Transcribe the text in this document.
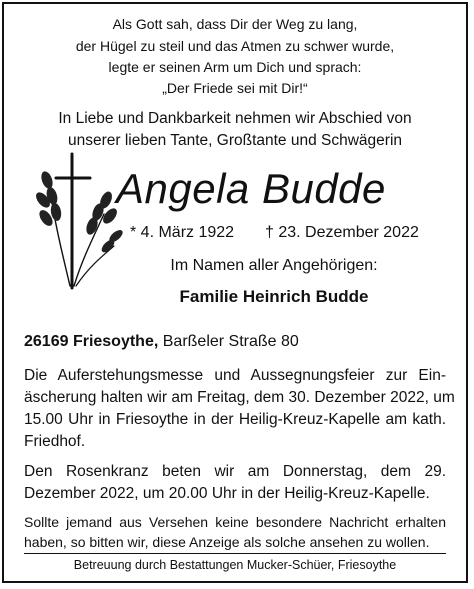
Als Gott sah, dass Dir der Weg zu lang,
der Hügel zu steil und das Atmen zu schwer wurde,
legte er seinen Arm um Dich und sprach:
„Der Friede sei mit Dir!“
In Liebe und Dankbarkeit nehmen wir Abschied von
unserer lieben Tante, Großtante und Schwägerin
Angela Budde
* 4. März 1922 † 23. Dezember 2022
Im Namen aller Angehörigen:
Familie Heinrich Budde
26169 Friesoythe, Barßeler Straße 80
Die Auferstehungsmesse und Aussegnungsfeier zur Ein-
äscherung halten wir am Freitag, dem 30. Dezember 2022, um
15.00 Uhr in Friesoythe in der Heilig-Kreuz-Kapelle am kath.
Friedhof.
Den Rosenkranz beten wir am Donnerstag, dem 29.
Dezember 2022, um 20.00 Uhr in der Heilig-Kreuz-Kapelle.
Sollte jemand aus Versehen keine besondere Nachricht erhalten
haben, so bitten wir, diese Anzeige als solche ansehen zu wollen.
Betreuung durch Bestattungen Mucker-Schüer, Friesoythe
